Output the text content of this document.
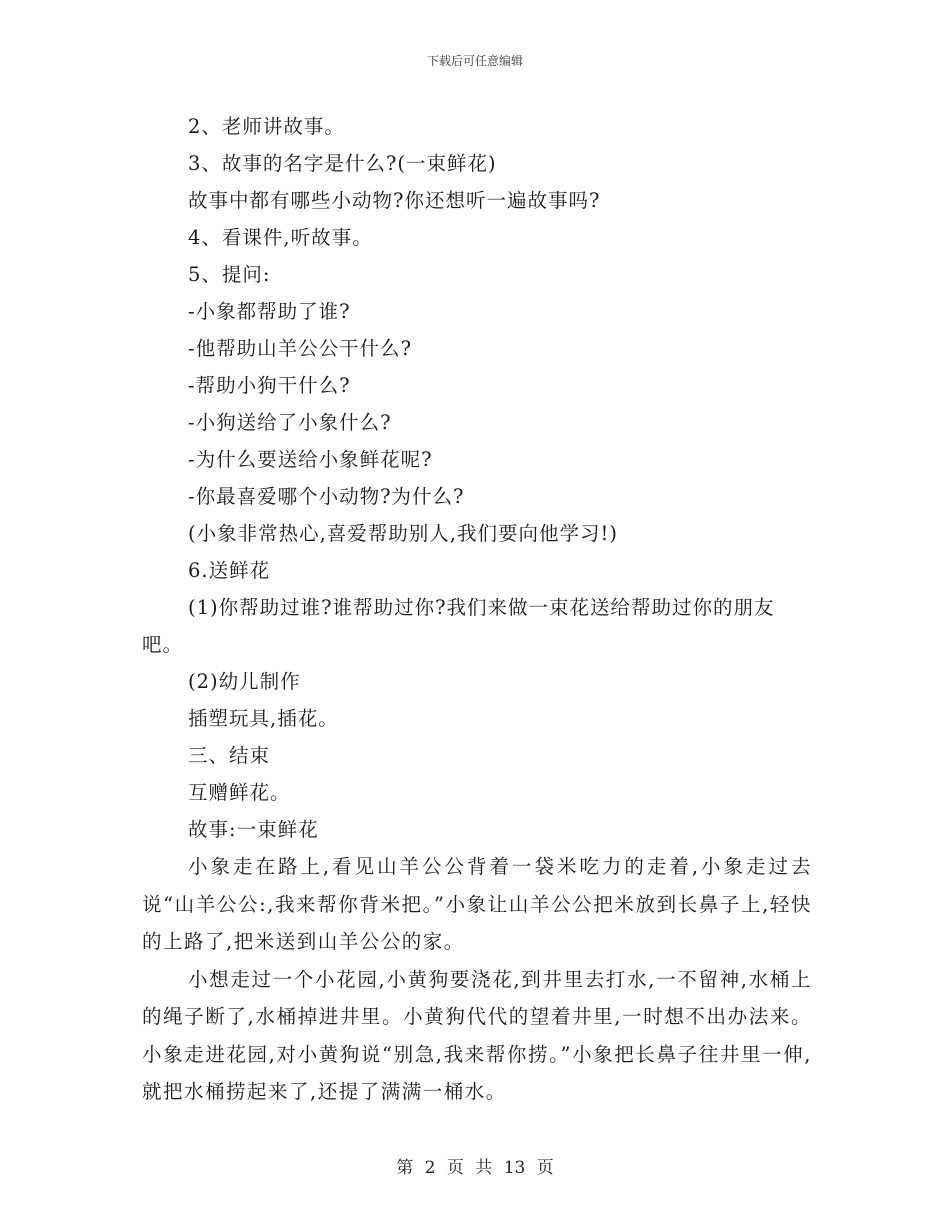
下载后可任意编辑
2、老师讲故事。
3、故事的名字是什么?(一束鲜花)
故事中都有哪些小动物?你还想听一遍故事吗?
4、看课件,听故事。
5、提问:
-小象都帮助了谁?
-他帮助山羊公公干什么?
-帮助小狗干什么?
-小狗送给了小象什么?
-为什么要送给小象鲜花呢?
-你最喜爱哪个小动物?为什么?
(小象非常热心,喜爱帮助别人,我们要向他学习!)
6.送鲜花
(1)你帮助过谁?谁帮助过你?我们来做一束花送给帮助过你的朋友
吧。
(2)幼儿制作
插塑玩具,插花。
三、结束
互赠鲜花。
故事:一束鲜花

小象走在路上,看见山羊公公背着一袋米吃力的走着,小象走过去说“山羊公公:,我来帮你背米把。”小象让山羊公公把米放到长鼻子上,轻快的上路了,把米送到山羊公公的家。

小想走过一个小花园,小黄狗要浇花,到井里去打水,一不留神,水桶上的绳子断了,水桶掉进井里。小黄狗代代的望着井里,一时想不出办法来。小象走进花园,对小黄狗说“别急,我来帮你捞。”小象把长鼻子往井里一伸,就把水桶捞起来了,还提了满满一桶水。

第 2 页 共 13 页
